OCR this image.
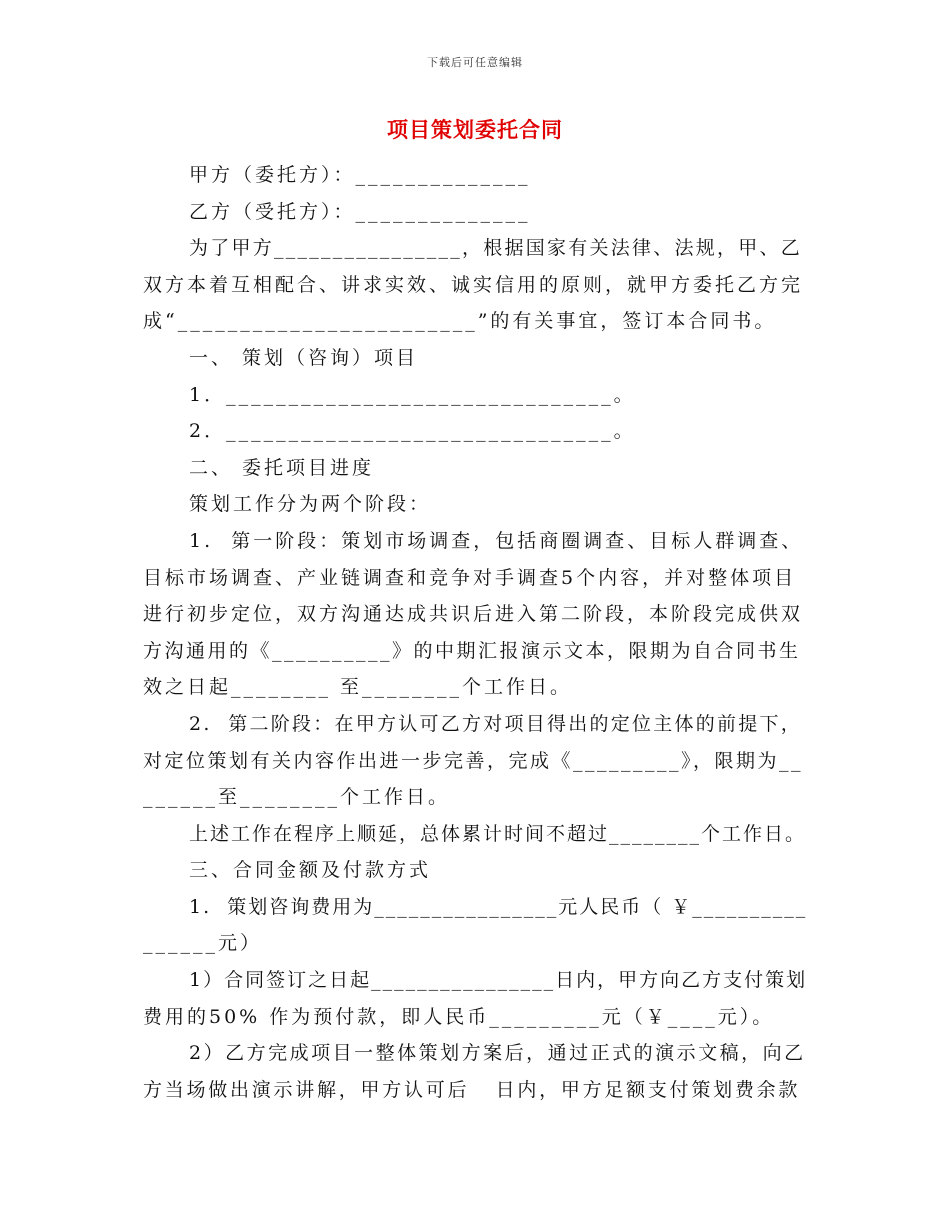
下载后可任意编辑
项目策划委托合同
甲方（委托方）：______________
乙方（受托方）：______________
为了甲方________________，根据国家有关法律、法规，甲、乙
双方本着互相配合、讲求实效、诚实信用的原则，就甲方委托乙方完
成“________________________”的有关事宜，签订本合同书。
一、 策划（咨询）项目
1．_______________________________。
2．_______________________________。
二、 委托项目进度
策划工作分为两个阶段：
1.  第一阶段：策划市场调查，包括商圈调查、目标人群调查、
目标市场调查、产业链调查和竞争对手调查5个内容，并对整体项目
进行初步定位，双方沟通达成共识后进入第二阶段，本阶段完成供双
方沟通用的《__________》的中期汇报演示文本，限期为自合同书生
效之日起________ 至________个工作日。
2.  第二阶段：在甲方认可乙方对项目得出的定位主体的前提下，
对定位策划有关内容作出进一步完善，完成《_________》，限期为__
______至________个工作日。
上述工作在程序上顺延，总体累计时间不超过________个工作日。
三、合同金额及付款方式
1.  策划咨询费用为________________元人民币（ ￥__________
______元）
1）合同签订之日起________________日内，甲方向乙方支付策划
费用的50% 作为预付款，即人民币_________元（￥____元）。
2）乙方完成项目一整体策划方案后，通过正式的演示文稿，向乙
方当场做出演示讲解，甲方认可后   日内，甲方足额支付策划费余款
